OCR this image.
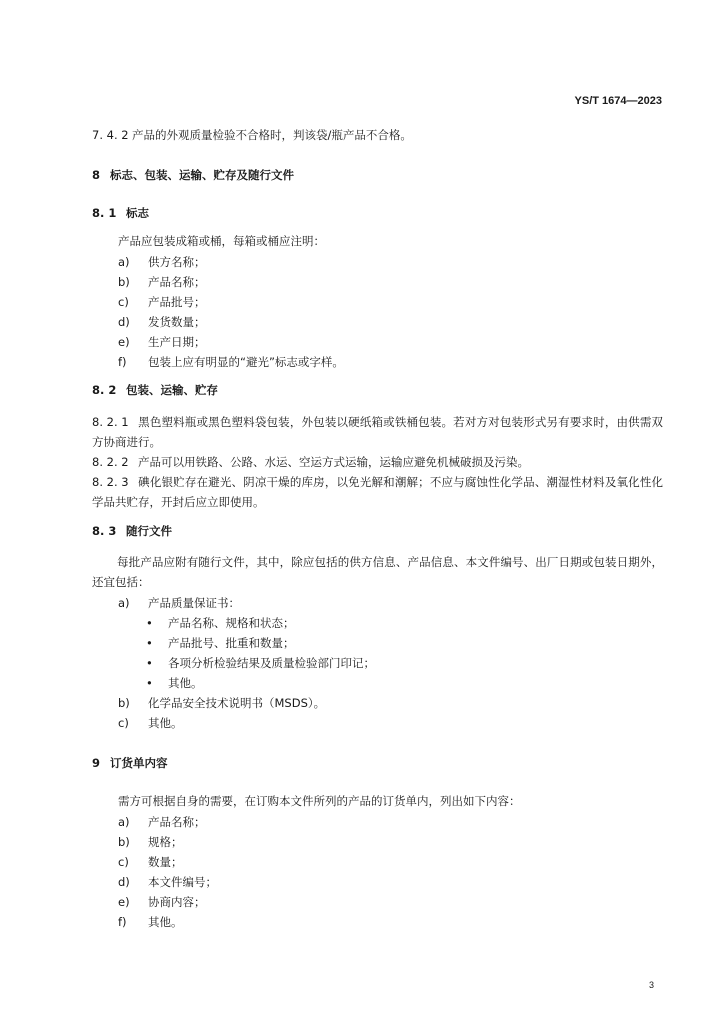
YS/T 1674—2023
7. 4. 2 产品的外观质量检验不合格时，判该袋/瓶产品不合格。
8 标志、包装、运输、贮存及随行文件
8. 1 标志
产品应包装成箱或桶，每箱或桶应注明：
a) 供方名称；
b) 产品名称；
c) 产品批号；
d) 发货数量；
e) 生产日期；
f) 包装上应有明显的“避光”标志或字样。
8. 2 包装、运输、贮存
8. 2. 1 黑色塑料瓶或黑色塑料袋包装，外包装以硬纸箱或铁桶包装。若对方对包装形式另有要求时，由供需双方协商进行。
8. 2. 2 产品可以用铁路、公路、水运、空运方式运输，运输应避免机械破损及污染。
8. 2. 3 碘化银贮存在避光、阴凉干燥的库房，以免光解和潮解；不应与腐蚀性化学品、潮湿性材料及氧化性化学品共贮存，开封后应立即使用。
8. 3 随行文件
每批产品应附有随行文件，其中，除应包括的供方信息、产品信息、本文件编号、出厂日期或包装日期外，还宜包括：
a) 产品质量保证书：
• 产品名称、规格和状态；
• 产品批号、批重和数量；
• 各项分析检验结果及质量检验部门印记；
• 其他。
b) 化学品安全技术说明书（MSDS）。
c) 其他。
9 订货单内容
需方可根据自身的需要，在订购本文件所列的产品的订货单内，列出如下内容：
a) 产品名称；
b) 规格；
c) 数量；
d) 本文件编号；
e) 协商内容；
f) 其他。
3
